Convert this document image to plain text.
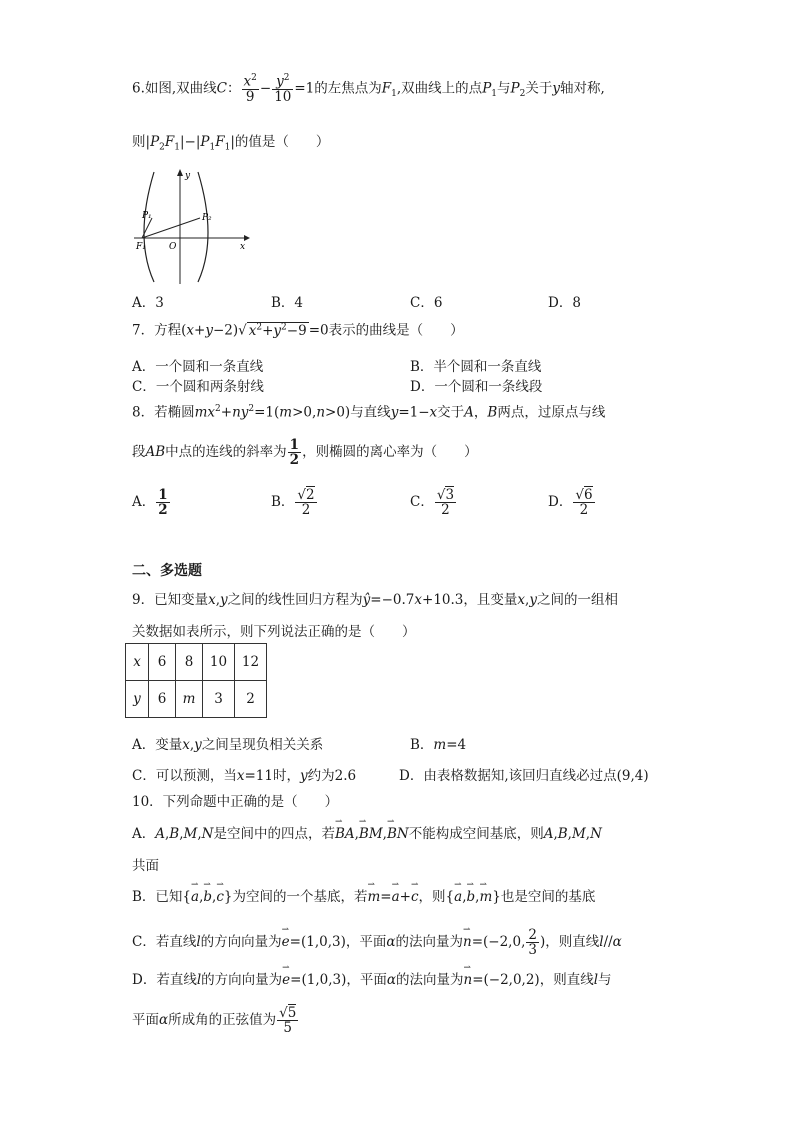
6.如图,双曲线C： $\frac{x^2}{9} - \frac{y^2}{10} =1$的左焦点为$F_1$,双曲线上的点$P_1$与$P_2$关于y轴对称,
则$|P_2F_1|-|P_1F_1|$的值是（　　）
P₁	P₂
F₁	O	x
y
A．3	B．4	C．6	D．8
7．方程(x+y−2)√ $x^2+y^2-9 =0$表示的曲线是（　　）
A．一个圆和一条直线	B．半个圆和一条直线
C．一个圆和两条射线	D．一个圆和一条线段
8．若椭圆$mx^2+ny^2=1(m>0,n>0)$与直线y=1−x交于A，B两点，过原点与线
段AB中点的连线的斜率为 $\frac{1}{2}$ ，则椭圆的离心率为（　　）
A． $\frac{1}{2}$	B． $\frac{√2}{2}$	C． $\frac{√3}{2}$	D． $\frac{√6}{2}$
二、多选题
9．已知变量x,y之间的线性回归方程为ŷ=−0.7x+10.3，且变量x,y之间的一组相
关数据如表所示，则下列说法正确的是（　　）
x	6	8	10	12
y	6	m	3	2
A．变量x,y之间呈现负相关关系	B．m=4
C．可以预测，当x=11时，y约为2.6	D．由表格数据知,该回归直线必过点(9,4)
10．下列命题中正确的是（　　）
A．A,B,M,N是空间中的四点，若⇀ BA,⇀ BM,⇀ BN不能构成空间基底，则A,B,M,N
共面
B．已知{⇀ a,⇀ b,⇀ c}为空间的一个基底，若⇀ m=⇀ a+⇀ c，则{⇀ a,⇀ b,⇀ m}也是空间的基底
C．若直线l的方向向量为⇀ e=(1,0,3)，平面α的法向量为⇀ n=(−2,0, $\frac{2}{3}$ )，则直线l//α
D．若直线l的方向向量为⇀ e=(1,0,3)，平面α的法向量为⇀ n=(−2,0,2)，则直线l与
平面α所成角的正弦值为 $\frac{√5}{5}$
